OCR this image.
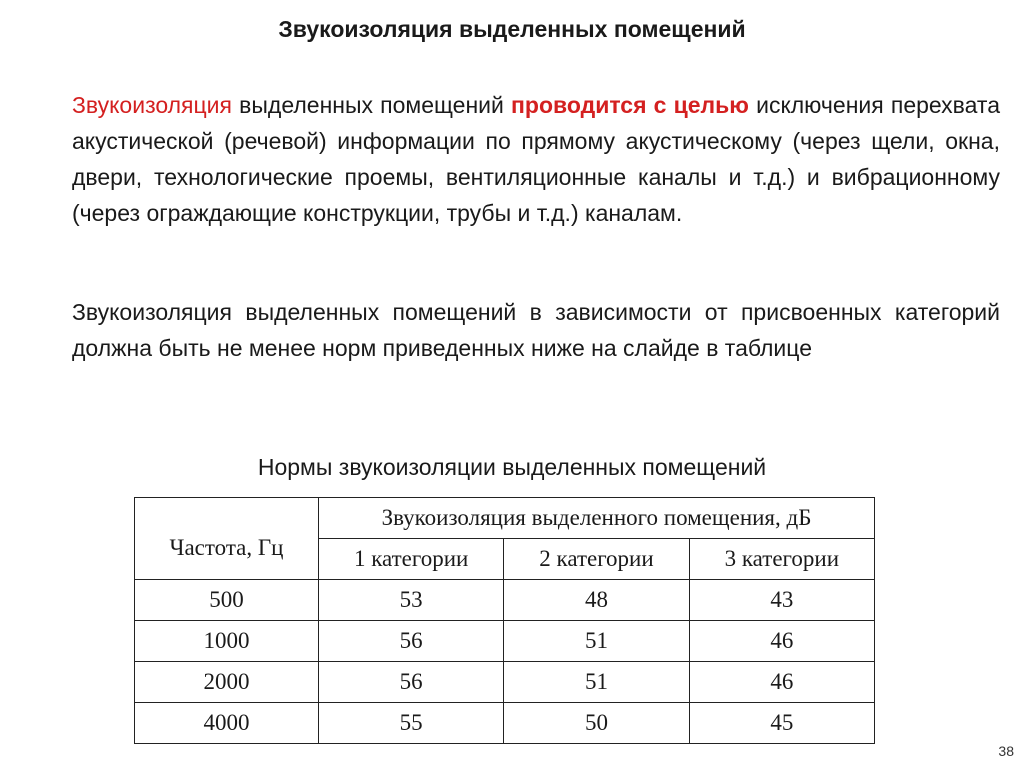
Звукоизоляция выделенных помещений

Звукоизоляция выделенных помещений проводится с целью исключения перехвата акустической (речевой) информации по прямому акустическому (через щели, окна, двери, технологические проемы, вентиляционные каналы и т.д.) и вибрационному (через ограждающие конструкции, трубы и т.д.) каналам.

Звукоизоляция выделенных помещений в зависимости от присвоенных категорий должна быть не менее норм приведенных ниже на слайде в таблице

Нормы звукоизоляции выделенных помещений
Частота, Гц	Звукоизоляция выделенного помещения, дБ		
	1 категории	2 категории	3 категории
500	53	48	43
1000	56	51	46
2000	56	51	46
4000	55	50	45
38
